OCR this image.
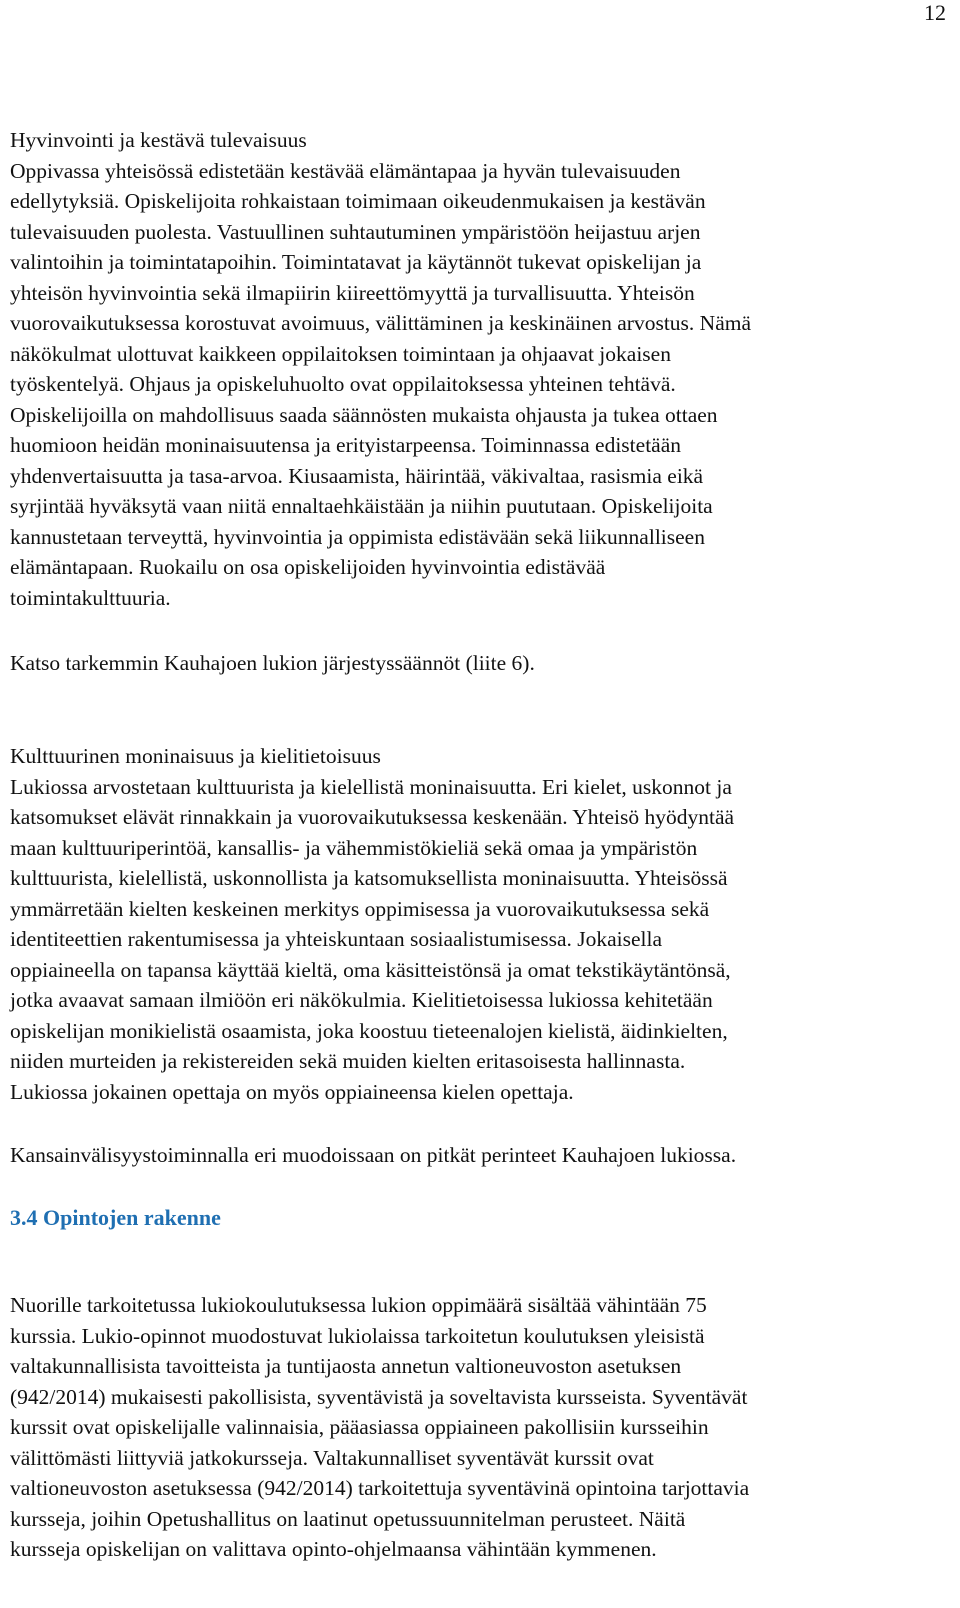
12

Hyvinvointi ja kestävä tulevaisuus

Oppivassa yhteisössä edistetään kestävää elämäntapaa ja hyvän tulevaisuuden
edellytyksiä. Opiskelijoita rohkaistaan toimimaan oikeudenmukaisen ja kestävän
tulevaisuuden puolesta. Vastuullinen suhtautuminen ympäristöön heijastuu arjen
valintoihin ja toimintatapoihin. Toimintatavat ja käytännöt tukevat opiskelijan ja
yhteisön hyvinvointia sekä ilmapiirin kiireettömyyttä ja turvallisuutta. Yhteisön
vuorovaikutuksessa korostuvat avoimuus, välittäminen ja keskinäinen arvostus. Nämä
näkökulmat ulottuvat kaikkeen oppilaitoksen toimintaan ja ohjaavat jokaisen
työskentelyä. Ohjaus ja opiskeluhuolto ovat oppilaitoksessa yhteinen tehtävä.
Opiskelijoilla on mahdollisuus saada säännösten mukaista ohjausta ja tukea ottaen
huomioon heidän moninaisuutensa ja erityistarpeensa. Toiminnassa edistetään
yhdenvertaisuutta ja tasa-arvoa. Kiusaamista, häirintää, väkivaltaa, rasismia eikä
syrjintää hyväksytä vaan niitä ennaltaehkäistään ja niihin puututaan. Opiskelijoita
kannustetaan terveyttä, hyvinvointia ja oppimista edistävään sekä liikunnalliseen
elämäntapaan. Ruokailu on osa opiskelijoiden hyvinvointia edistävää
toimintakulttuuria.

Katso tarkemmin Kauhajoen lukion järjestyssäännöt (liite 6).

Kulttuurinen moninaisuus ja kielitietoisuus

Lukiossa arvostetaan kulttuurista ja kielellistä moninaisuutta. Eri kielet, uskonnot ja
katsomukset elävät rinnakkain ja vuorovaikutuksessa keskenään. Yhteisö hyödyntää
maan kulttuuriperintöä, kansallis- ja vähemmistökieliä sekä omaa ja ympäristön
kulttuurista, kielellistä, uskonnollista ja katsomuksellista moninaisuutta. Yhteisössä
ymmärretään kielten keskeinen merkitys oppimisessa ja vuorovaikutuksessa sekä
identiteettien rakentumisessa ja yhteiskuntaan sosiaalistumisessa. Jokaisella
oppiaineella on tapansa käyttää kieltä, oma käsitteistönsä ja omat tekstikäytäntönsä,
jotka avaavat samaan ilmiöön eri näkökulmia. Kielitietoisessa lukiossa kehitetään
opiskelijan monikielistä osaamista, joka koostuu tieteenalojen kielistä, äidinkielten,
niiden murteiden ja rekistereiden sekä muiden kielten eritasoisesta hallinnasta.
Lukiossa jokainen opettaja on myös oppiaineensa kielen opettaja.

Kansainvälisyystoiminnalla eri muodoissaan on pitkät perinteet Kauhajoen lukiossa.

3.4 Opintojen rakenne

Nuorille tarkoitetussa lukiokoulutuksessa lukion oppimäärä sisältää vähintään 75
kurssia. Lukio-opinnot muodostuvat lukiolaissa tarkoitetun koulutuksen yleisistä
valtakunnallisista tavoitteista ja tuntijaosta annetun valtioneuvoston asetuksen
(942/2014) mukaisesti pakollisista, syventävistä ja soveltavista kursseista. Syventävät
kurssit ovat opiskelijalle valinnaisia, pääasiassa oppiaineen pakollisiin kursseihin
välittömästi liittyviä jatkokursseja. Valtakunnalliset syventävät kurssit ovat
valtioneuvoston asetuksessa (942/2014) tarkoitettuja syventävinä opintoina tarjottavia
kursseja, joihin Opetushallitus on laatinut opetussuunnitelman perusteet. Näitä
kursseja opiskelijan on valittava opinto-ohjelmaansa vähintään kymmenen.
